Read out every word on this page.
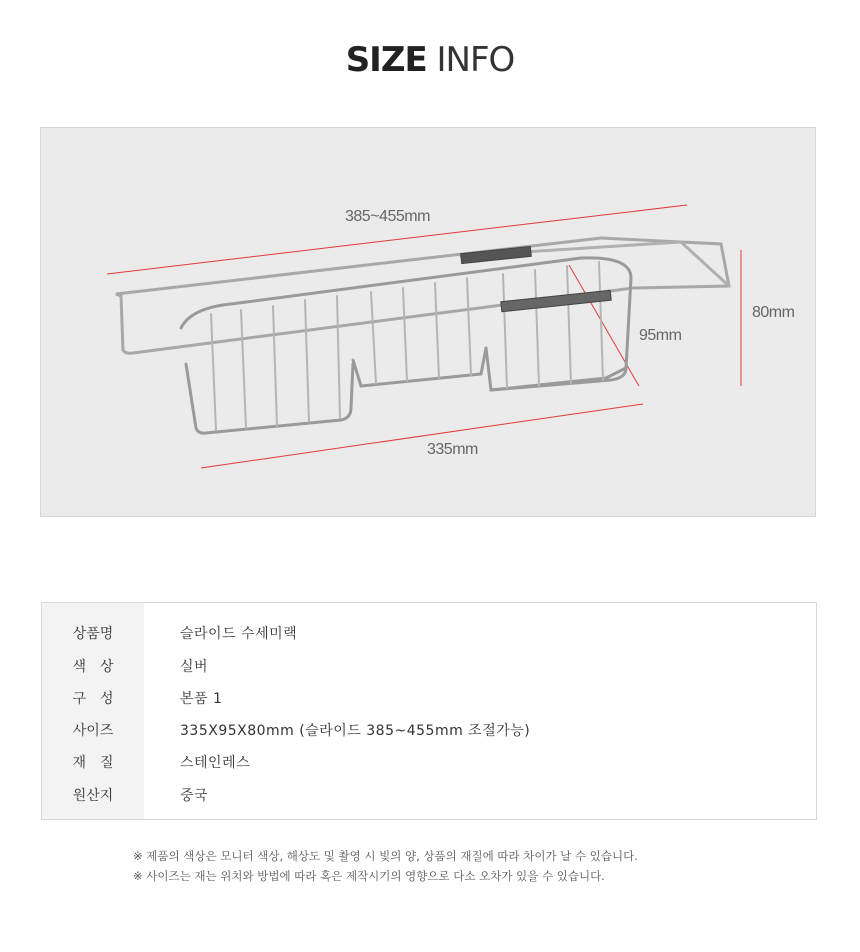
SIZE INFO
385~455mm
335mm
95mm
80mm
상품명	슬라이드 수세미랙
색　상	실버
구　성	본품 1
사이즈	335X95X80mm (슬라이드 385~455mm 조절가능)
재　질	스테인레스
원산지	중국
※ 제품의 색상은 모니터 색상, 해상도 및 촬영 시 빛의 양, 상품의 재질에 따라 차이가 날 수 있습니다.
※ 사이즈는 재는 위치와 방법에 따라 혹은 제작시기의 영향으로 다소 오차가 있을 수 있습니다.
